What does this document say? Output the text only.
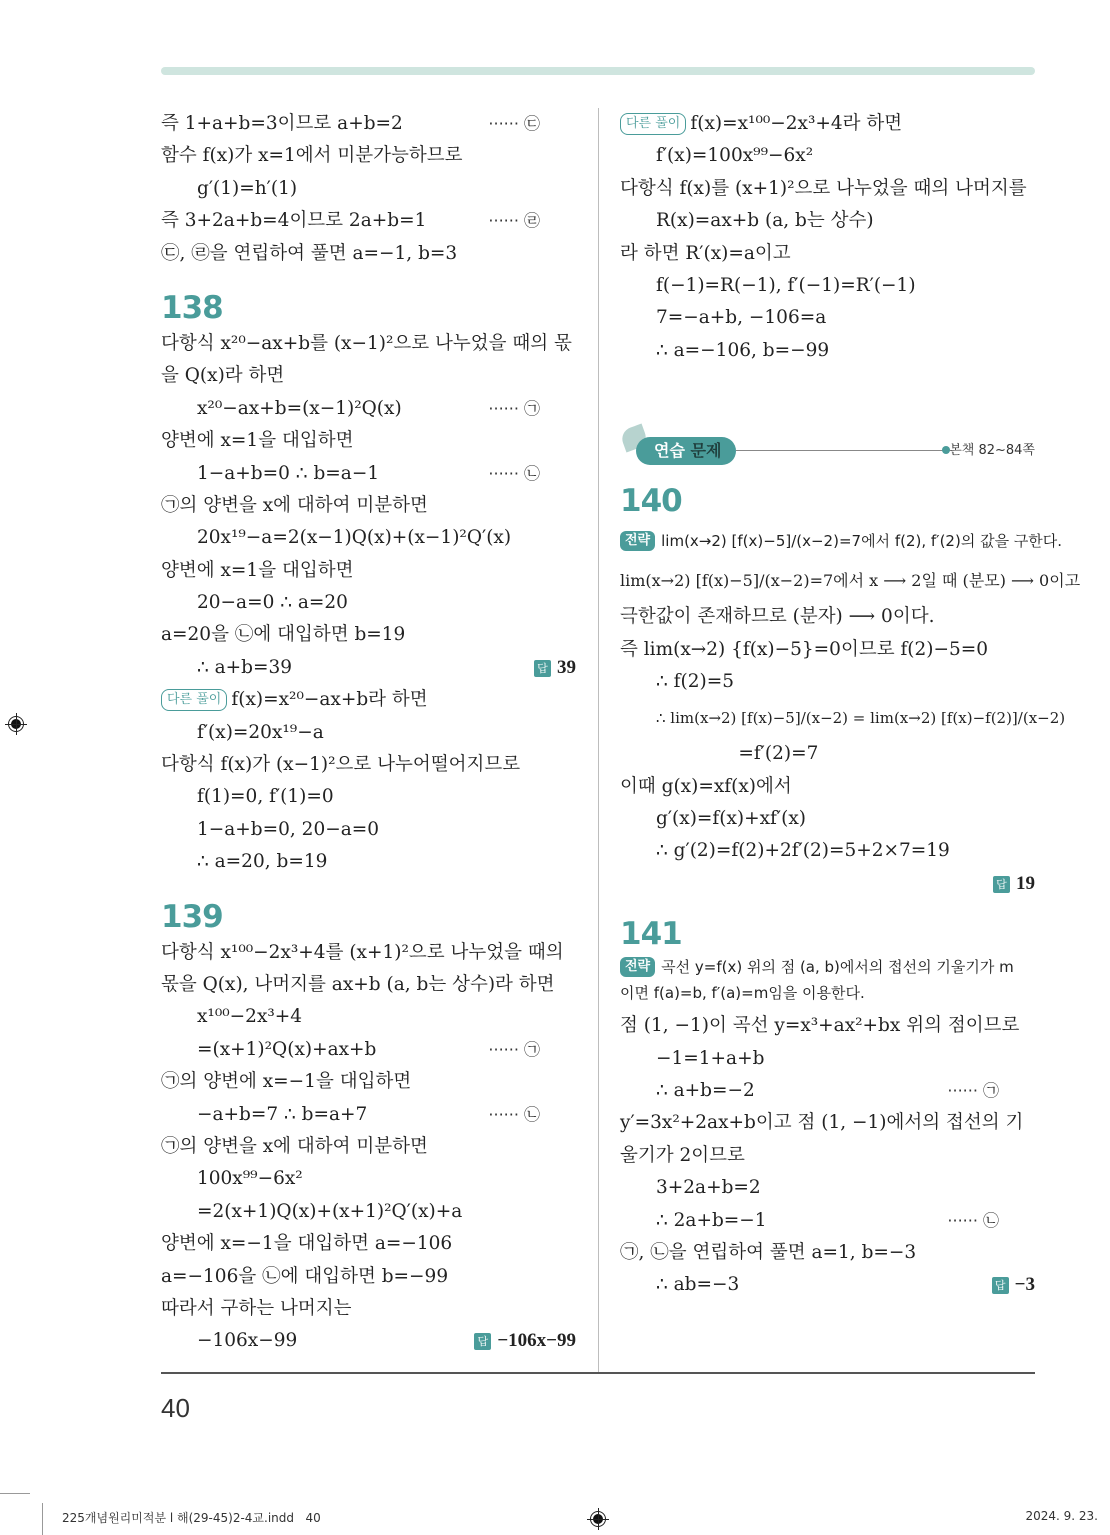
즉 1+a+b=3이므로 a+b=2	······ ㉢
함수 f(x)가 x=1에서 미분가능하므로
g′(1)=h′(1)
즉 3+2a+b=4이므로 2a+b=1	······ ㉣
㉢, ㉣을 연립하여 풀면 a=−1, b=3
138
다항식 x²⁰−ax+b를 (x−1)²으로 나누었을 때의 몫
을 Q(x)라 하면
x²⁰−ax+b=(x−1)²Q(x)	······ ㉠
양변에 x=1을 대입하면
1−a+b=0 ∴ b=a−1	······ ㉡
㉠의 양변을 x에 대하여 미분하면
20x¹⁹−a=2(x−1)Q(x)+(x−1)²Q′(x)
양변에 x=1을 대입하면
20−a=0 ∴ a=20
a=20을 ㉡에 대입하면 b=19
∴ a+b=39	답 39
다른 풀이 f(x)=x²⁰−ax+b라 하면
f′(x)=20x¹⁹−a
다항식 f(x)가 (x−1)²으로 나누어떨어지므로
f(1)=0, f′(1)=0
1−a+b=0, 20−a=0
∴ a=20, b=19
139
다항식 x¹⁰⁰−2x³+4를 (x+1)²으로 나누었을 때의
몫을 Q(x), 나머지를 ax+b (a, b는 상수)라 하면
x¹⁰⁰−2x³+4
=(x+1)²Q(x)+ax+b	······ ㉠
㉠의 양변에 x=−1을 대입하면
−a+b=7 ∴ b=a+7	······ ㉡
㉠의 양변을 x에 대하여 미분하면
100x⁹⁹−6x²
=2(x+1)Q(x)+(x+1)²Q′(x)+a
양변에 x=−1을 대입하면 a=−106
a=−106을 ㉡에 대입하면 b=−99
따라서 구하는 나머지는
−106x−99	답 −106x−99
다른 풀이 f(x)=x¹⁰⁰−2x³+4라 하면
f′(x)=100x⁹⁹−6x²
다항식 f(x)를 (x+1)²으로 나누었을 때의 나머지를
R(x)=ax+b (a, b는 상수)
라 하면 R′(x)=a이고
f(−1)=R(−1), f′(−1)=R′(−1)
7=−a+b, −106=a
∴ a=−106, b=−99
연습 문제	본책 82~84쪽
140
전략 lim(x→2) [f(x)−5]/(x−2)=7에서 f(2), f′(2)의 값을 구한다.
lim(x→2) [f(x)−5]/(x−2)=7에서 x ⟶ 2일 때 (분모) ⟶ 0이고
극한값이 존재하므로 (분자) ⟶ 0이다.
즉 lim(x→2) {f(x)−5}=0이므로 f(2)−5=0
∴ f(2)=5
∴ lim(x→2) [f(x)−5]/(x−2) = lim(x→2) [f(x)−f(2)]/(x−2)
=f′(2)=7
이때 g(x)=xf(x)에서
g′(x)=f(x)+xf′(x)
∴ g′(2)=f(2)+2f′(2)=5+2×7=19
답 19
141
전략 곡선 y=f(x) 위의 점 (a, b)에서의 접선의 기울기가 m
이면 f(a)=b, f′(a)=m임을 이용한다.
점 (1, −1)이 곡선 y=x³+ax²+bx 위의 점이므로
−1=1+a+b
∴ a+b=−2	······ ㉠
y′=3x²+2ax+b이고 점 (1, −1)에서의 접선의 기
울기가 2이므로
3+2a+b=2
∴ 2a+b=−1	······ ㉡
㉠, ㉡을 연립하여 풀면 a=1, b=−3
∴ ab=−3	답 −3
40
225개념원리미적분 l 해(29-45)2-4교.indd   40	2024. 9. 23.
